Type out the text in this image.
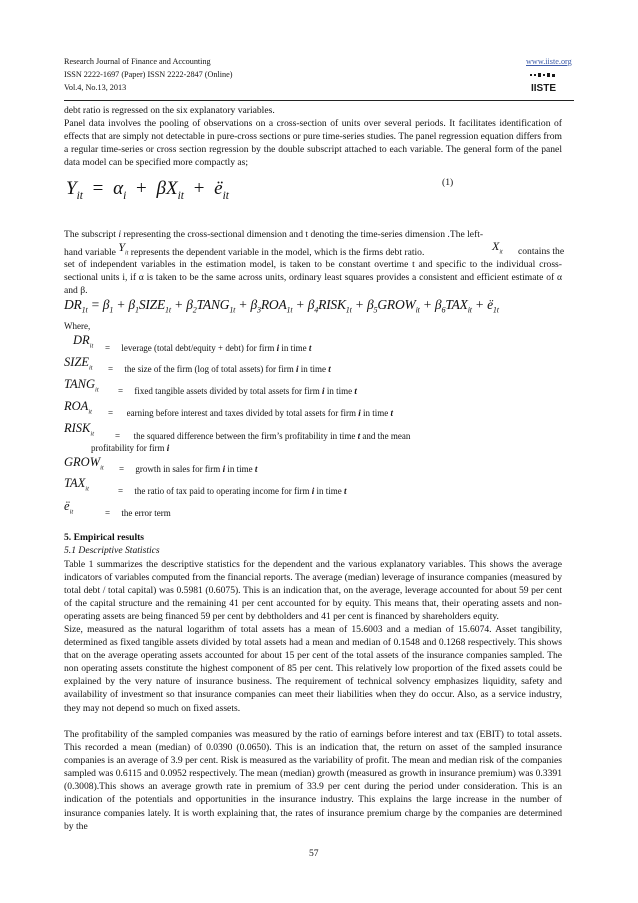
Research Journal of Finance and Accounting
ISSN 2222-1697 (Paper) ISSN 2222-2847 (Online)
Vol.4, No.13, 2013
www.iiste.org
IISTE
debt ratio is regressed on the six explanatory variables.
Panel data involves the pooling of observations on a cross-section of units over several periods. It facilitates identification of effects that are simply not detectable in pure-cross sections or pure time-series studies. The panel regression equation differs from a regular time-series or cross section regression by the double subscript attached to each variable. The general form of the panel data model can be specified more compactly as;
(1)
$Y_{it} = \alpha_i + \beta X_{it}$ + $ë_{it}$
The subscript i representing the cross-sectional dimension and t denoting the time-series dimension .The left-
hand variable $Y_{it}$ represents the dependent variable in the model, which is the firms debt ratio.	$X_{it}$ contains the
set of independent variables in the estimation model, is taken to be constant overtime t and specific to the individual cross- sectional units i, if α is taken to be the same across units, ordinary least squares provides a consistent and efficient estimate of α and β.
$DR_{1t} = \beta_1$ + $\beta_1SIZE_{1t}$ + $\beta_2TANG_{1t} + \beta_3ROA_{1t}$ + $\beta_4RISK_{1t}$ + $\beta_5GROW_{it} + \beta_6TAX_{it}$ + $ë_{1t}$
Where,
$DR_{it}$ = leverage (total debt/equity + debt) for firm i in time t
$SIZE_{it}$ = the size of the firm (log of total assets) for firm i in time t
$TANG_{it}$ = fixed tangible assets divided by total assets for firm i in time t
$ROA_{it}$ = earning before interest and taxes divided by total assets for firm i in time t
$RISK_{it}$ = the squared difference between the firm’s profitability in time t and the mean
profitability for firm i
$GROW_{it}$ = growth in sales for firm i in time t
$TAX_{it}$	= the ratio of tax paid to operating income for firm i in time t
$ë_{it}$	= the error term
5. Empirical results
5.1 Descriptive Statistics
Table 1 summarizes the descriptive statistics for the dependent and the various explanatory variables. This shows the average indicators of variables computed from the financial reports. The average (median) leverage of insurance companies (measured by total debt / total capital) was 0.5981 (0.6075). This is an indication that, on the average, leverage accounted for about 59 per cent of the capital structure and the remaining 41 per cent accounted for by equity. This means that, their operating assets and non-operating assets are being financed 59 per cent by debtholders and 41 per cent is financed by shareholders equity.
Size, measured as the natural logarithm of total assets has a mean of 15.6003 and a median of 15.6074. Asset tangibility, determined as fixed tangible assets divided by total assets had a mean and median of 0.1548 and 0.1268 respectively. This shows that on the average operating assets accounted for about 15 per cent of the total assets of the insurance companies sampled. The non operating assets constitute the highest component of 85 per cent. This relatively low proportion of the fixed assets could be explained by the very nature of insurance business. The requirement of technical solvency emphasizes liquidity, safety and availability of investment so that insurance companies can meet their liabilities when they do occur. Also, as a service industry, they may not depend so much on fixed assets.
The profitability of the sampled companies was measured by the ratio of earnings before interest and tax (EBIT) to total assets. This recorded a mean (median) of 0.0390 (0.0650). This is an indication that, the return on asset of the sampled insurance companies is an average of 3.9 per cent. Risk is measured as the variability of profit. The mean and median risk of the companies sampled was 0.6115 and 0.0952 respectively. The mean (median) growth (measured as growth in insurance premium) was 0.3391 (0.3008).This shows an average growth rate in premium of 33.9 per cent during the period under consideration. This is an indication of the potentials and opportunities in the insurance industry. This explains the large increase in the number of insurance companies lately. It is worth explaining that, the rates of insurance premium charge by the companies are determined by the
57
